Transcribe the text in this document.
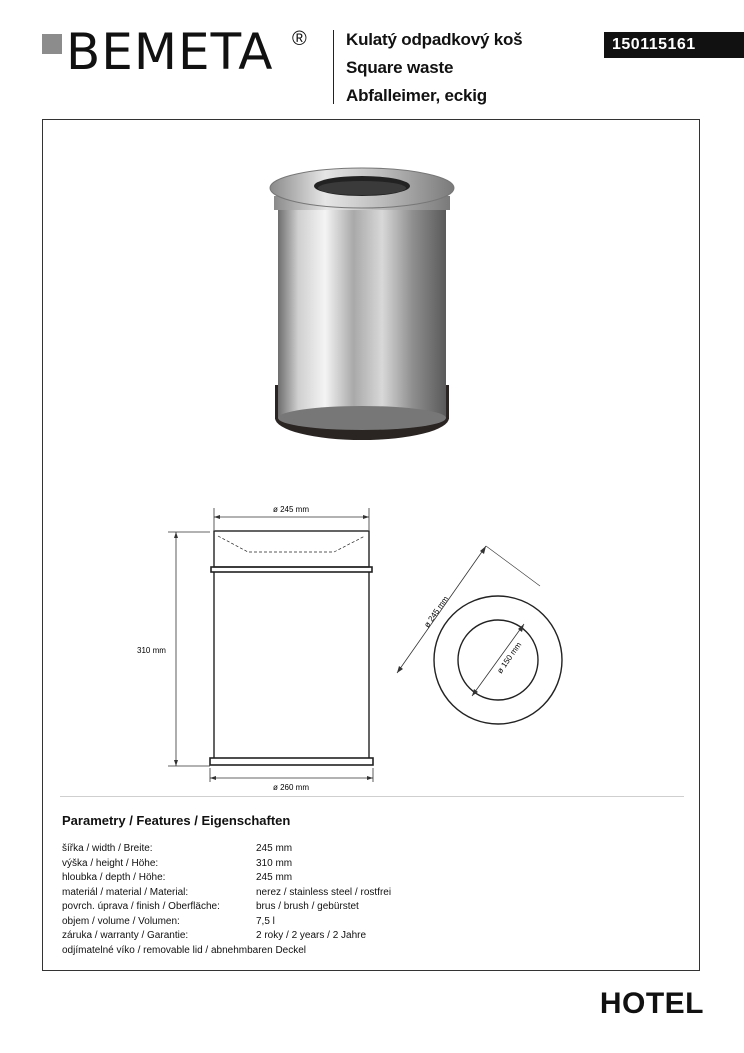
BEMETA ® Kulatý odpadkový koš
Square waste
Abfalleimer, eckig
150115161
ø 245 mm
310 mm
ø 260 mm
ø 245 mm
ø 150 mm
Parametry / Features / Eigenschaften
šířka / width / Breite:	245 mm
výška / height / Höhe:	310 mm
hloubka / depth / Höhe:	245 mm
materiál / material / Material:	nerez / stainless steel / rostfrei
povrch. úprava / finish / Oberfläche:	brus / brush / gebürstet
objem / volume / Volumen:	7,5 l
záruka / warranty / Garantie:	2 roky / 2 years / 2 Jahre
odjímatelné víko / removable lid / abnehmbaren Deckel
HOTEL
